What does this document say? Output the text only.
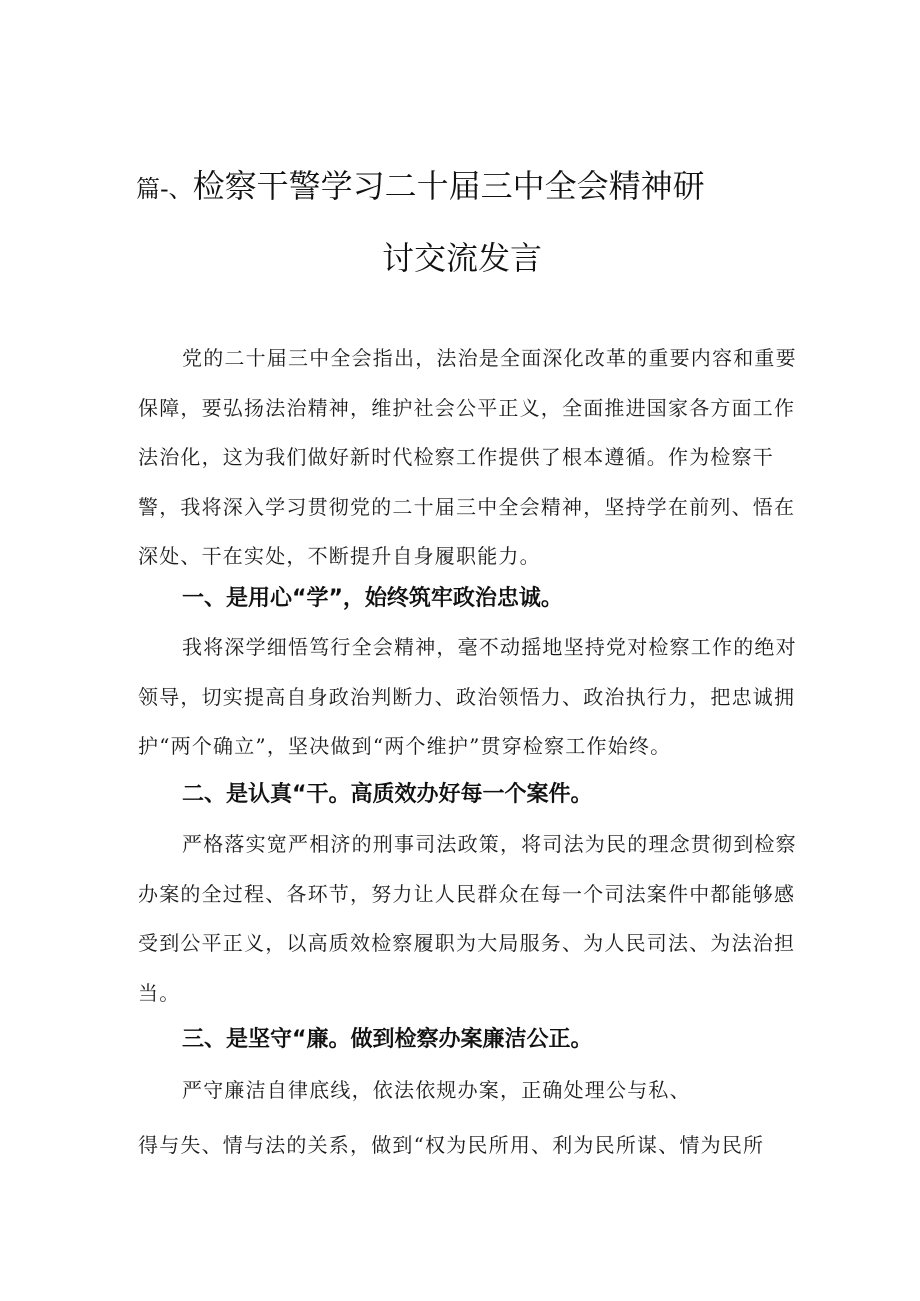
篇-、检察干警学习二十届三中全会精神研
讨交流发言

党的二十届三中全会指出，法治是全面深化改革的重要内容和重要保障，要弘扬法治精神，维护社会公平正义，全面推进国家各方面工作法治化，这为我们做好新时代检察工作提供了根本遵循。作为检察干警，我将深入学习贯彻党的二十届三中全会精神，坚持学在前列、悟在深处、干在实处，不断提升自身履职能力。

一、是用心“学”，始终筑牢政治忠诚。

我将深学细悟笃行全会精神，毫不动摇地坚持党对检察工作的绝对领导，切实提高自身政治判断力、政治领悟力、政治执行力，把忠诚拥护“两个确立”，坚决做到“两个维护”贯穿检察工作始终。

二、是认真“干。高质效办好每一个案件。

严格落实宽严相济的刑事司法政策，将司法为民的理念贯彻到检察办案的全过程、各环节，努力让人民群众在每一个司法案件中都能够感受到公平正义，以高质效检察履职为大局服务、为人民司法、为法治担当。

三、是坚守“廉。做到检察办案廉洁公正。

严守廉洁自律底线，依法依规办案，正确处理公与私、

得与失、情与法的关系，做到“权为民所用、利为民所谋、情为民所
